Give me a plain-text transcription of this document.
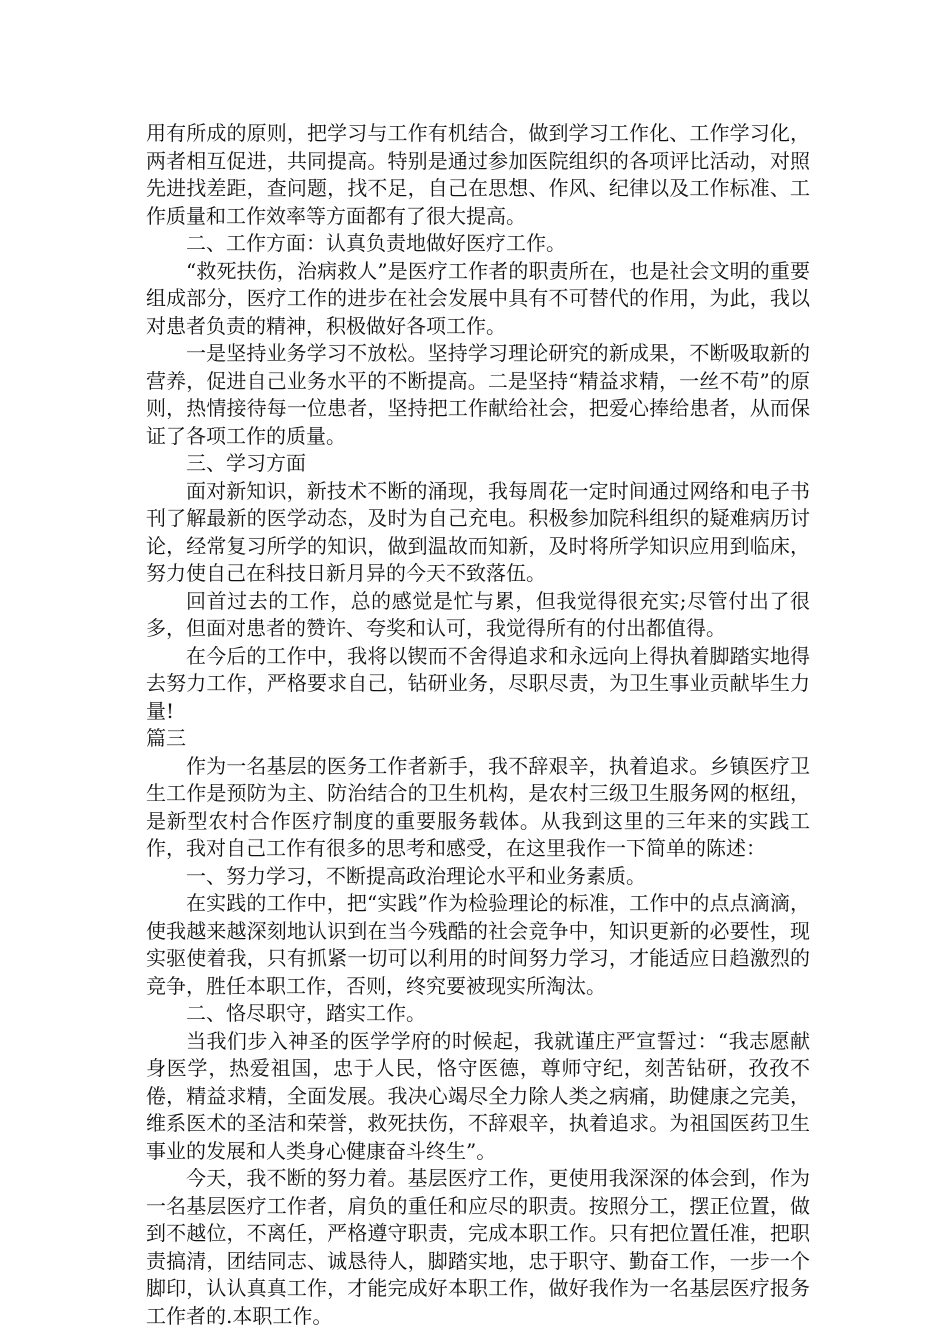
用有所成的原则，把学习与工作有机结合，做到学习工作化、工作学习化，两者相互促进，共同提高。特别是通过参加医院组织的各项评比活动，对照先进找差距，查问题，找不足，自己在思想、作风、纪律以及工作标准、工作质量和工作效率等方面都有了很大提高。

二、工作方面：认真负责地做好医疗工作。

“救死扶伤，治病救人”是医疗工作者的职责所在，也是社会文明的重要组成部分，医疗工作的进步在社会发展中具有不可替代的作用，为此，我以对患者负责的精神，积极做好各项工作。

一是坚持业务学习不放松。坚持学习理论研究的新成果，不断吸取新的营养，促进自己业务水平的不断提高。二是坚持“精益求精，一丝不苟”的原则，热情接待每一位患者，坚持把工作献给社会，把爱心捧给患者，从而保证了各项工作的质量。

三、学习方面

面对新知识，新技术不断的涌现，我每周花一定时间通过网络和电子书刊了解最新的医学动态，及时为自己充电。积极参加院科组织的疑难病历讨论，经常复习所学的知识，做到温故而知新，及时将所学知识应用到临床，努力使自己在科技日新月异的今天不致落伍。

回首过去的工作，总的感觉是忙与累，但我觉得很充实;尽管付出了很多，但面对患者的赞许、夸奖和认可，我觉得所有的付出都值得。

在今后的工作中，我将以锲而不舍得追求和永远向上得执着脚踏实地得去努力工作，严格要求自己，钻研业务，尽职尽责，为卫生事业贡献毕生力量!

篇三

作为一名基层的医务工作者新手，我不辞艰辛，执着追求。乡镇医疗卫生工作是预防为主、防治结合的卫生机构，是农村三级卫生服务网的枢纽，是新型农村合作医疗制度的重要服务载体。从我到这里的三年来的实践工作，我对自己工作有很多的思考和感受，在这里我作一下简单的陈述：

一、努力学习，不断提高政治理论水平和业务素质。

在实践的工作中，把“实践”作为检验理论的标准，工作中的点点滴滴，使我越来越深刻地认识到在当今残酷的社会竞争中，知识更新的必要性，现实驱使着我，只有抓紧一切可以利用的时间努力学习，才能适应日趋激烈的竞争，胜任本职工作，否则，终究要被现实所淘汰。

二、恪尽职守，踏实工作。

当我们步入神圣的医学学府的时候起，我就谨庄严宣誓过：“我志愿献身医学，热爱祖国，忠于人民，恪守医德，尊师守纪，刻苦钻研，孜孜不倦，精益求精，全面发展。我决心竭尽全力除人类之病痛，助健康之完美，维系医术的圣洁和荣誉，救死扶伤，不辞艰辛，执着追求。为祖国医药卫生事业的发展和人类身心健康奋斗终生”。

今天，我不断的努力着。基层医疗工作，更使用我深深的体会到，作为一名基层医疗工作者，肩负的重任和应尽的职责。按照分工，摆正位置，做到不越位，不离任，严格遵守职责，完成本职工作。只有把位置任准，把职责搞清，团结同志、诚恳待人，脚踏实地，忠于职守、勤奋工作，一步一个脚印，认认真真工作，才能完成好本职工作，做好我作为一名基层医疗报务工作者的.本职工作。
